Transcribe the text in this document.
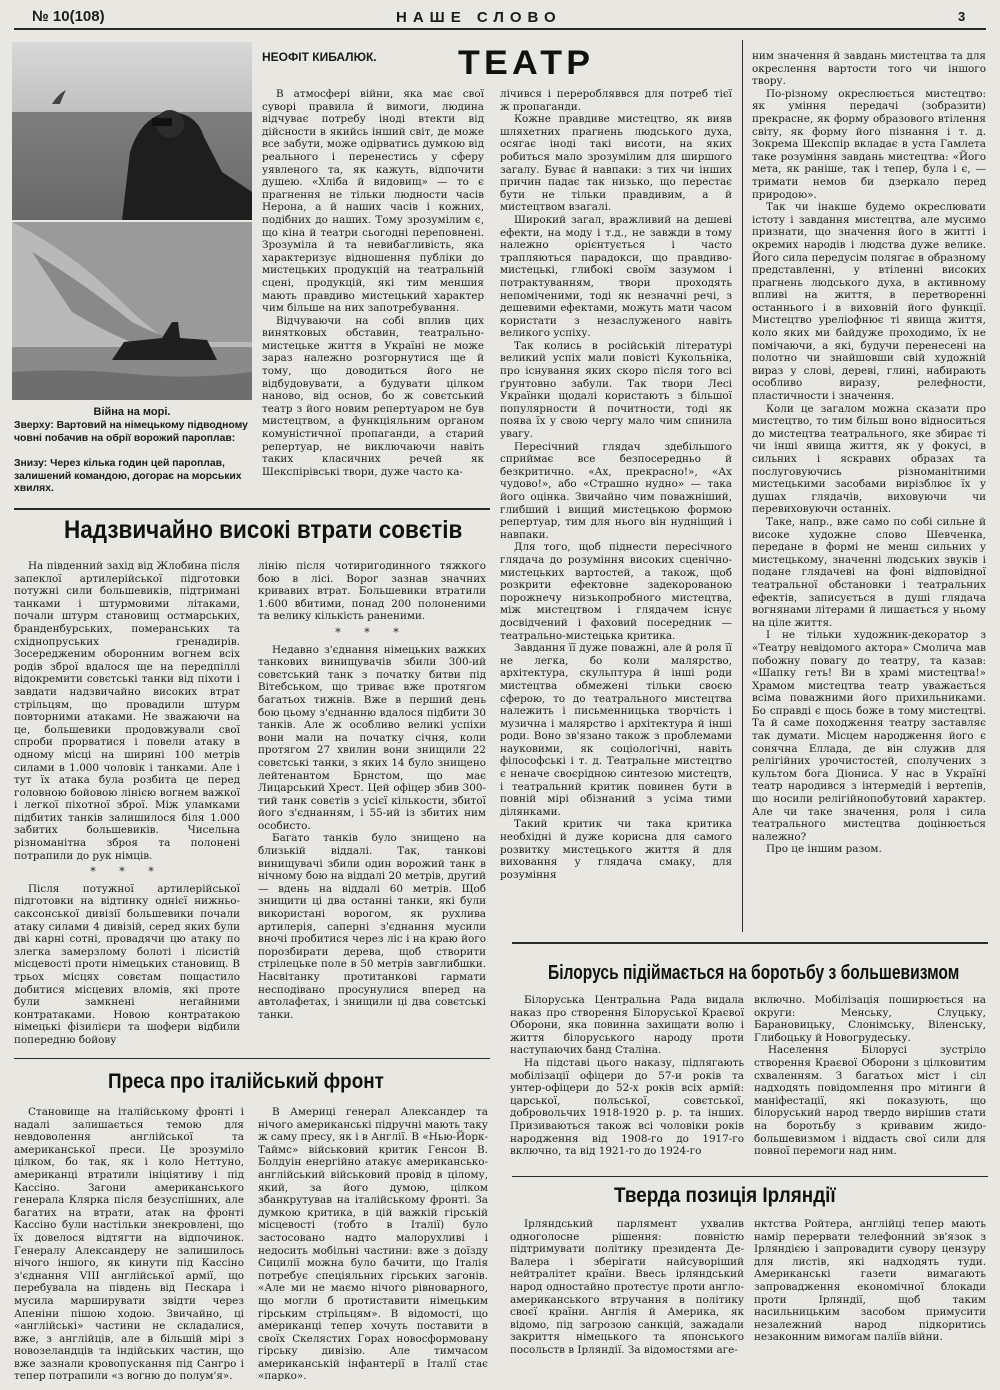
№ 10(108)	НАШЕ СЛОВО	3
Війна на морі.
Зверху: Вартовий на німецькому підводному човні побачив на обрії ворожий пароплав:
Знизу: Через кілька годин цей пароплав, залишений командою, догорає на морських хвилях.
НЕОФІТ КИБАЛЮК. ТЕАТР

В атмосфері війни, яка має свої суворі правила й вимоги, людина відчуває потребу іноді втекти від дійсности в якийсь інший світ, де може все забути, може одірватись думкою від реального і перенестись у сферу уявленого та, як кажуть, відпочити душею. «Хліба й видовищ» — то є прагнення не тільки людности часів Нерона, а й наших часів і кожних, подібних до наших. Тому зрозумілим є, що кіна й театри сьогодні переповнені. Зрозуміла й та невибагливість, яка характеризує відношення публіки до мистецьких продукцій на театральній сцені, продукцій, які тим меншия мають правдиво мистецький характер чим більше на них запотребування.

Відчуваючи на собі вплив цих винятковых обставин, театрально-мистецьке життя в Україні не може зараз належно розгорнутися ще й тому, що доводиться його не відбудовувати, а будувати цілком наново, від основ, бо ж совєтський театр з його новим репертуаром не був мистецтвом, а функціяльним органом комуністичної пропаганди, а старий репертуар, не виключаючи навіть таких класичних речей як Шекспірівські твори, дуже часто ка-

лічився і переробляввся для потреб тієї ж пропаганди.

Кожне правдиве мистецтво, як вияв шляхетних прагнень людського духа, осягає іноді такі висоти, на яких робиться мало зрозумілим для ширшого загалу. Буває й навпаки: з тих чи інших причин падає так низько, що перестає бути не тільки правдивим, а й мистецтвом взагалі.

Широкий загал, вражливий на дешеві ефекти, на моду і т.д., не завжди в тому належно орієнтується і часто трапляються парадокси, що правдиво-мистецькі, глибокі своїм зазумом і потрактуванням, твори проходять непоміченими, тоді як незначні речі, з дешевими ефектами, можуть мати часом користати з незаслуженого навіть великого успіху.

Так колись в російській літературі великий успіх мали повісті Кукольніка, про існування яких скоро після того всі ґрунтовно забули. Так твори Лесі Українки щодалі користають з більшої популярности й почитности, тоді як поява їх у свою чергу мало чим спинила увагу.

Пересічний глядач здебільшого сприймає все безпосередньо й безкритично. «Ах, прекрасно!», «Ах чудово!», або «Страшно нудно» — така його оцінка. Звичайно чим поважніший, глибший і вищий мистецькою формою репертуар, тим для нього він нудніщий і навпаки.

Для того, щоб піднести пересічного глядача до розуміння високих сценічно-мистецьких вартостей, а також, щоб розкрити ефектовне задекорованою порожнечу низькопробного мистецтва, між мистецтвом і глядачем існує досвідчений і фаховий посередник — театрально-мистецька критика.

Завдання її дуже поважні, але й роля її не легка, бо коли малярство, архітектура, скульптура й інші роди мистецтва обмежені тільки своєю сферою, то до театрального мистецтва належить і письменницька творчість і музична і малярство і архітектура й інші роди. Воно зв'язано також з проблемами науковими, як соціологічні, навіть філософські і т. д. Театральне мистецтво є неначе своєрідною синтезою мистецтв, і театральний критик повинен бути в повній мірі обізнаний з усіма тими ділянками.

Такий критик чи така критика необхідні й дуже корисна для самого розвитку мистецького життя й для виховання у глядача смаку, для розуміння

ним значення й завдань мистецтва та для окреслення вартости того чи іншого твору.

По-різному окреслюється мистецтво: як уміння передачі (зобразити) прекрасне, як форму образового втілення світу, як форму його пізнання і т. д. Зокрема Шекспір вкладає в уста Гамлета таке розуміння завдань мистецтва: «Його мета, як раніше, так і тепер, була і є, — тримати немов би дзеркало перед природою».

Так чи інакше будемо окреслювати істоту і завдання мистецтва, але мусимо признати, що значення його в житті і окремих народів і людства дуже велике. Його сила передусім полягає в образному представленні, у втіленні високих прагнень людського духа, в активному впливі на життя, в перетворенні останнього і в виховній його функції. Мистецтво уреліофнює ті явища життя, коло яких ми байдуже проходимо, їх не помічаючи, а які, будучи перенесені на полотно чи знайшовши свій художній вираз у слові, деревi, глині, набирають особливо виразу, релефности, пластичности і значення.

Коли це загалом можна сказати про мистецтво, то тим більш воно відноситься до мистецтва театрального, яке збирає ті чи інші явища життя, як у фокусі, в сильних і яскравих образах та послуговуючись різноманітними мистецькими засобами вирізблює їх у душах глядачів, виховуючи чи перевиховуючи останніх.

Таке, напр., вже само по собі сильне й високе художне слово Шевченка, передане в формі не менш сильних у мистецькому, значенні людських звуків і подане глядачеві на фоні відповідної театральної обстановки і театральних ефектів, записується в душі глядача вогнянами літерами й лишається у ньому на ціле життя.

І не тільки художник-декоратор з «Театру невідомого актора» Смолича мав побожну повагу до театру, та казав: «Шапку геть! Ви в храмі мистецтва!» Храмом мистецтва театр уважається всіма поважними його прихильниками. Бо справді є щось боже в тому мистецтві. Та й саме походження театру заставляє так думати. Місцем народження його є сонячна Еллада, де він служив для релігійних урочистостей, сполучених з культом бога Діониса. У нас в Україні театр народився з інтермедій і вертепів, що носили релігійнопобутовий характер. Але чи таке значення, роля і сила театрального мистецтва доцінюється належно?

Про це іншим разом.

Надзвичайно високі втрати совєтів

На південний захід від Жлобина після запеклої артилерійської підготовки потужні сили большевиків, підтримані танками і штурмовими літаками, почали штурм становищ остмарських, бранденбурських, померанських та східнопруських гренадирів. Зосередженим оборонним вогнем всіх родів зброї вдалося ще на передпіллі відокремити совєтські танки від піхоти і завдати надзвичайно високих втрат стрільцям, що провадили штурм повторними атаками. Не зважаючи на це, большевики продовжували свої спроби прорватися і повели атаку в одному місці на ширині 100 метрів силами в 1.000 чоловік і танками. Але і тут їх атака була розбита це перед головною бойовою лінією вогнем важкої і легкої піхотної зброї. Між уламками підбитих танків залишилося біля 1.000 забитих большевиків. Чисельна різноманітна зброя та полонені потрапили до рук німців.

* * *

Після потужної артилерійської підготовки на відтинку однієї нижньо-саксонської дивізії большевики почали атаку силами 4 дивізій, серед яких були дві карні сотні, провадячи цю атаку по злегка замерзлому болоті і лісистій місцевості проти німецьких становищ. В трьох місцях совєтам пощастило добитися місцевих вломів, які проте були замкнені негайними контратаками. Новою контратакою німецькі фізилієри та шофери відбили попередню бойову

лінію після чотиригодинного тяжкого бою в лісі. Ворог зазнав значних кривавих втрат. Большевики втратили 1.600 вбитими, понад 200 полоненими та велику кількість раненими.

* * *

Недавно з'єднання німецьких важких танкових винищувачів збили 300-ий совєтський танк з початку битви під Вітебськом, що триває вже протягом багатьох тижнів. Вже в перший день бою цьому з'єднанню вдалося підбити 30 танків. Але ж особливо великі успіхи вони мали на початку січня, коли протягом 27 хвилин вони знищили 22 совєтські танки, з яких 14 було знищено лейтенантом Брнстом, що має Лицарський Хрест. Цей офіцер збив 300-тий танк совєтів з усієї кількости, збитої його з'єднанням, і 55-ий із збитих ним особисто.

Багато танків було знищено на близькій віддалі. Так, танкові винищувачі збили один ворожий танк в нічному бою на віддалі 20 метрів, другий — вдень на віддалі 60 метрів. Щоб знищити ці два останні танки, які були використані ворогом, як рухлива артилерія, саперні з'єднання мусили вночі пробитися через ліс і на краю його порозбирати дерева, щоб створити стрілецьке поле в 50 метрів завглибшки. Насвітанку протитанкові гармати несподівано просунулися вперед на автолафетах, і знищили ці два совєтські танки.

Преса про італійський фронт

Становище на італійському фронті і надалі залишається темою для невдоволення англійської та американської преси. Це зрозуміло цілком, бо так, як і коло Неттуно, американці втратили ініціятиву і під Кассіно. Загони американського генерала Клярка після безуспішних, але багатих на втрати, атак на фронті Кассіно були настільки знекровлені, що їх довелося відтягти на відпочинок. Генералу Александеру не залишилось нічого іншого, як кинути під Кассіно з'єднання VIII англійської армії, що перебувала на південь від Пескара і мусила марширувати звідти через Апеніни пішою ходою. Звичайно, ці «англійські» частини не складалися, вже, з англійців, але в більшій мірі з новозеландців та індійських частин, що вже зазнали кровопускання під Сангро і тепер потрапили «з вогню до полум'я».

В Америці генерал Александер та нічого американські підручні мають таку ж саму пресу, як і в Англії. В «Нью-Йорк-Таймс» військовий критик Генсон В. Болдуін енергійно атакує американсько-англійський військовий провід в цілому, який, за його думою, цілком збанкрутував на італійському фронті. За думкою критика, в цій важкій гірській місцевості (тобто в Італії) було застосовано надто малорухливі і недосить мобільні частини: вже з доїзду Сицилії можна було бачити, що Італія потребує спеціяльних гірських загонів. «Але ми не маємо нічого рівноварного, що могли б протиставити німецьким гірським стрільцям». В відомості, що американці тепер хочуть поставити в своїх Скелястих Горах новосформовану гірську дивізію. Але тимчасом американській інфантерії в Італії стає «парко».

Білорусь підіймається на боротьбу з большевизмом

Білоруська Центральна Рада видала наказ про створення Білоруської Краєвої Оборони, яка повинна захищати волю і життя білоруського народу проти наступаючих банд Сталіна.

На підставі цього наказу, підлягають мобілізації офіцери до 57-и років та унтер-офіцери до 52-х років всіх армій: царської, польської, совєтської, добровольчих 1918-1920 р. р. та інших. Призиваються також всі чоловіки років народження від 1908-го до 1917-го включно, та від 1921-го до 1924-го

включно. Мобілізація поширюється на округи: Менську, Слуцьку, Барановицьку, Слонімську, Віленську, Глибоцьку й Новогрудеську.

Населення Білорусі зустріло створення Краєвої Оборони з цілковитим схваленням. З багатьох міст і сіл надходять повідомлення про мітинги й маніфестації, які показують, що білоруський народ твердо вирішив стати на боротьбу з кривавим жидо-большевизмом і віддасть свої сили для повної перемоги над ним.

Тверда позиція Ірляндії

Ірляндський парлямент ухвалив одноголосне рішення: повністю підтримувати політику президента Де-Валера і зберігати найсуворіший нейтралітет країни. Ввесь ірляндський народ одностайно протестує проти англо-американського втручання в політику своєї країни. Англія й Америка, як відомо, під загрозою санкцій, зажадали закриття німецького та японського посольств в Ірляндії. За відомостями аге-

нктства Ройтера, англійці тепер мають намір перервати телефонний зв'язок з Ірляндією і запровадити сувору цензуру для листів, які надходять туди. Американські газети вимагають запровадження економічної блокади проти Ірляндії, щоб таким насильницьким засобом примусити незалежний народ підкоритись незаконним вимогам паліїв війни.
